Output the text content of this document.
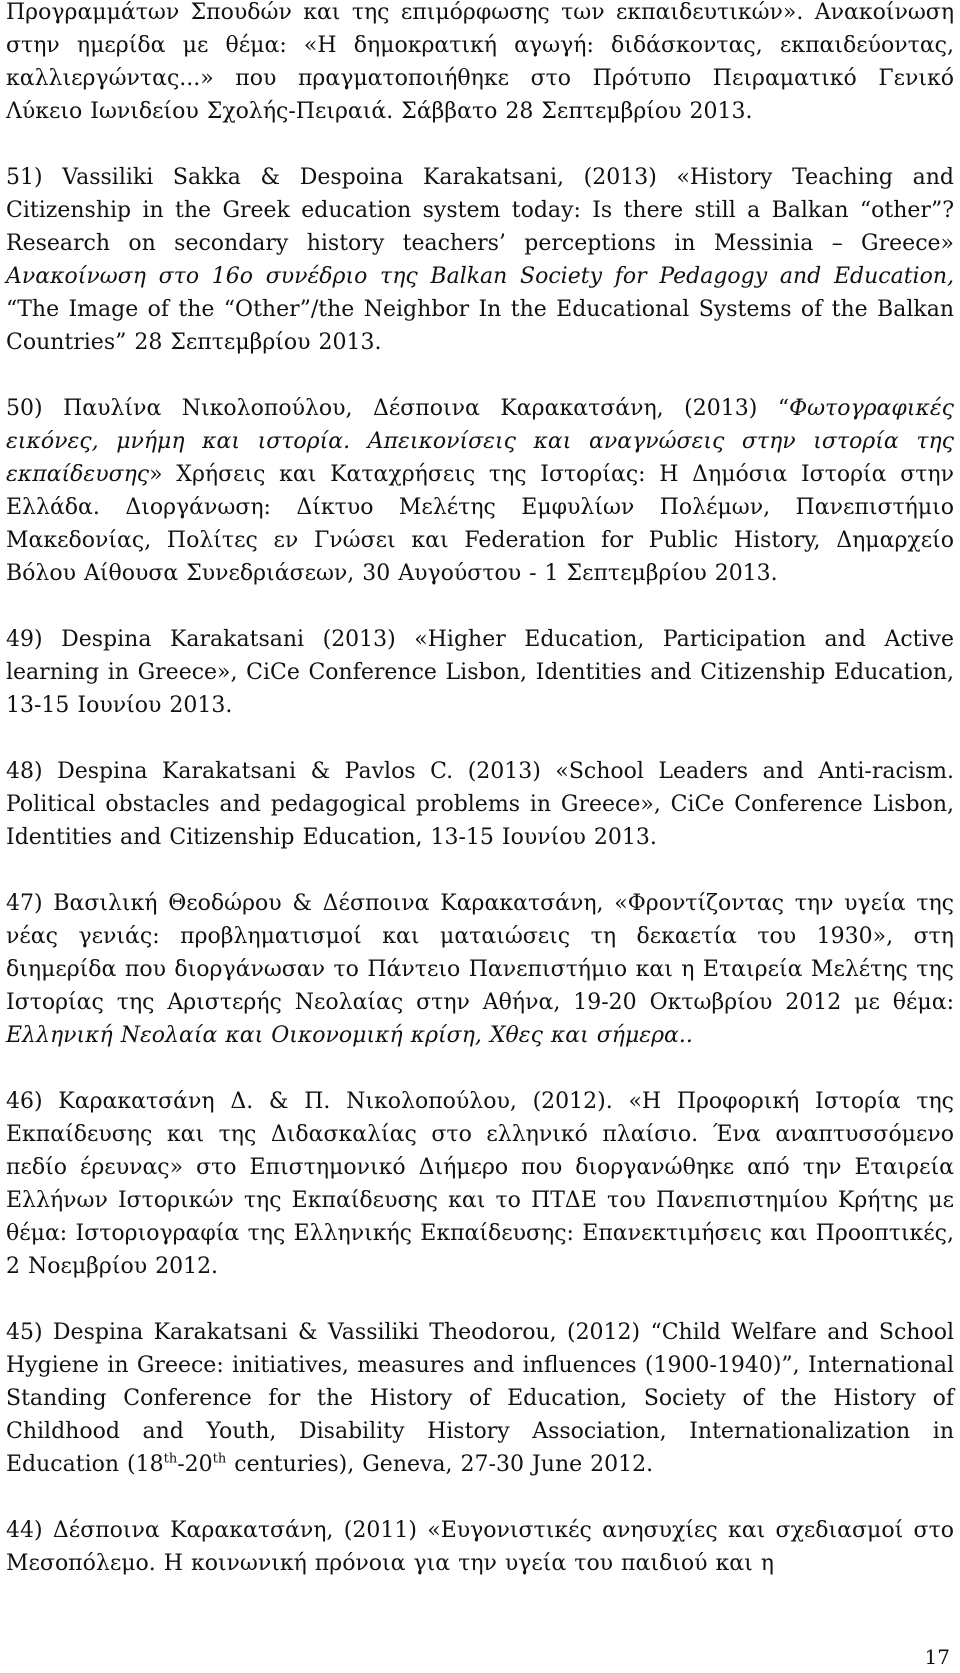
Προγραμμάτων Σπουδών και της επιμόρφωσης των εκπαιδευτικών». Ανακοίνωση στην ημερίδα με θέμα: «Η δημοκρατική αγωγή: διδάσκοντας, εκπαιδεύοντας, καλλιεργώντας...» που πραγματοποιήθηκε στο Πρότυπο Πειραματικό Γενικό Λύκειο Ιωνιδείου Σχολής-Πειραιά. Σάββατο 28 Σεπτεμβρίου 2013.

51) Vassiliki Sakka & Despoina Karakatsani, (2013) «History Teaching and Citizenship in the Greek education system today: Is there still a Balkan “other”? Research on secondary history teachers’ perceptions in Messinia – Greece» Ανακοίνωση στο 16ο συνέδριο της Balkan Society for Pedagogy and Education, “The Image of the “Other”/the Neighbor In the Educational Systems of the Balkan Countries” 28 Σεπτεμβρίου 2013.

50) Παυλίνα Νικολοπούλου, Δέσποινα Καρακατσάνη, (2013) “Φωτογραφικές εικόνες, μνήμη και ιστορία. Απεικονίσεις και αναγνώσεις στην ιστορία της εκπαίδευσης» Χρήσεις και Καταχρήσεις της Ιστορίας: Η Δημόσια Ιστορία στην Ελλάδα. Διοργάνωση: Δίκτυο Μελέτης Εμφυλίων Πολέμων, Πανεπιστήμιο Μακεδονίας, Πολίτες εν Γνώσει και Federation for Public History, Δημαρχείο Βόλου Αίθουσα Συνεδριάσεων, 30 Αυγούστου - 1 Σεπτεμβρίου 2013.

49) Despina Karakatsani (2013) «Higher Education, Participation and Active learning in Greece», CiCe Conference Lisbon, Identities and Citizenship Education, 13-15 Ιουνίου 2013.

48) Despina Karakatsani & Pavlos C. (2013) «School Leaders and Anti-racism. Political obstacles and pedagogical problems in Greece», CiCe Conference Lisbon, Identities and Citizenship Education, 13-15 Ιουνίου 2013.

47) Βασιλική Θεοδώρου & Δέσποινα Καρακατσάνη, «Φροντίζοντας την υγεία της νέας γενιάς: προβληματισμοί και ματαιώσεις τη δεκαετία του 1930», στη διημερίδα που διοργάνωσαν το Πάντειο Πανεπιστήμιο και η Εταιρεία Μελέτης της Ιστορίας της Αριστερής Νεολαίας στην Αθήνα, 19-20 Οκτωβρίου 2012 με θέμα: Ελληνική Νεολαία και Οικονομική κρίση, Χθες και σήμερα..

46) Καρακατσάνη Δ. & Π. Νικολοπούλου, (2012). «Η Προφορική Ιστορία της Εκπαίδευσης και της Διδασκαλίας στο ελληνικό πλαίσιο. Ένα αναπτυσσόμενο πεδίο έρευνας» στο Επιστημονικό Διήμερο που διοργανώθηκε από την Εταιρεία Ελλήνων Ιστορικών της Εκπαίδευσης και το ΠΤΔΕ του Πανεπιστημίου Κρήτης με θέμα: Ιστοριογραφία της Ελληνικής Εκπαίδευσης: Επανεκτιμήσεις και Προοπτικές, 2 Νοεμβρίου 2012.

45) Despina Karakatsani & Vassiliki Theodorou, (2012) “Child Welfare and School Hygiene in Greece: initiatives, measures and influences (1900-1940)”, International Standing Conference for the History of Education, Society of the History of Childhood and Youth, Disability History Association, Internationalization in Education (18th-20th centuries), Geneva, 27-30 June 2012.

44) Δέσποινα Καρακατσάνη, (2011) «Ευγονιστικές ανησυχίες και σχεδιασμοί στο Μεσοπόλεμο. Η κοινωνική πρόνοια για την υγεία του παιδιού και η

17
